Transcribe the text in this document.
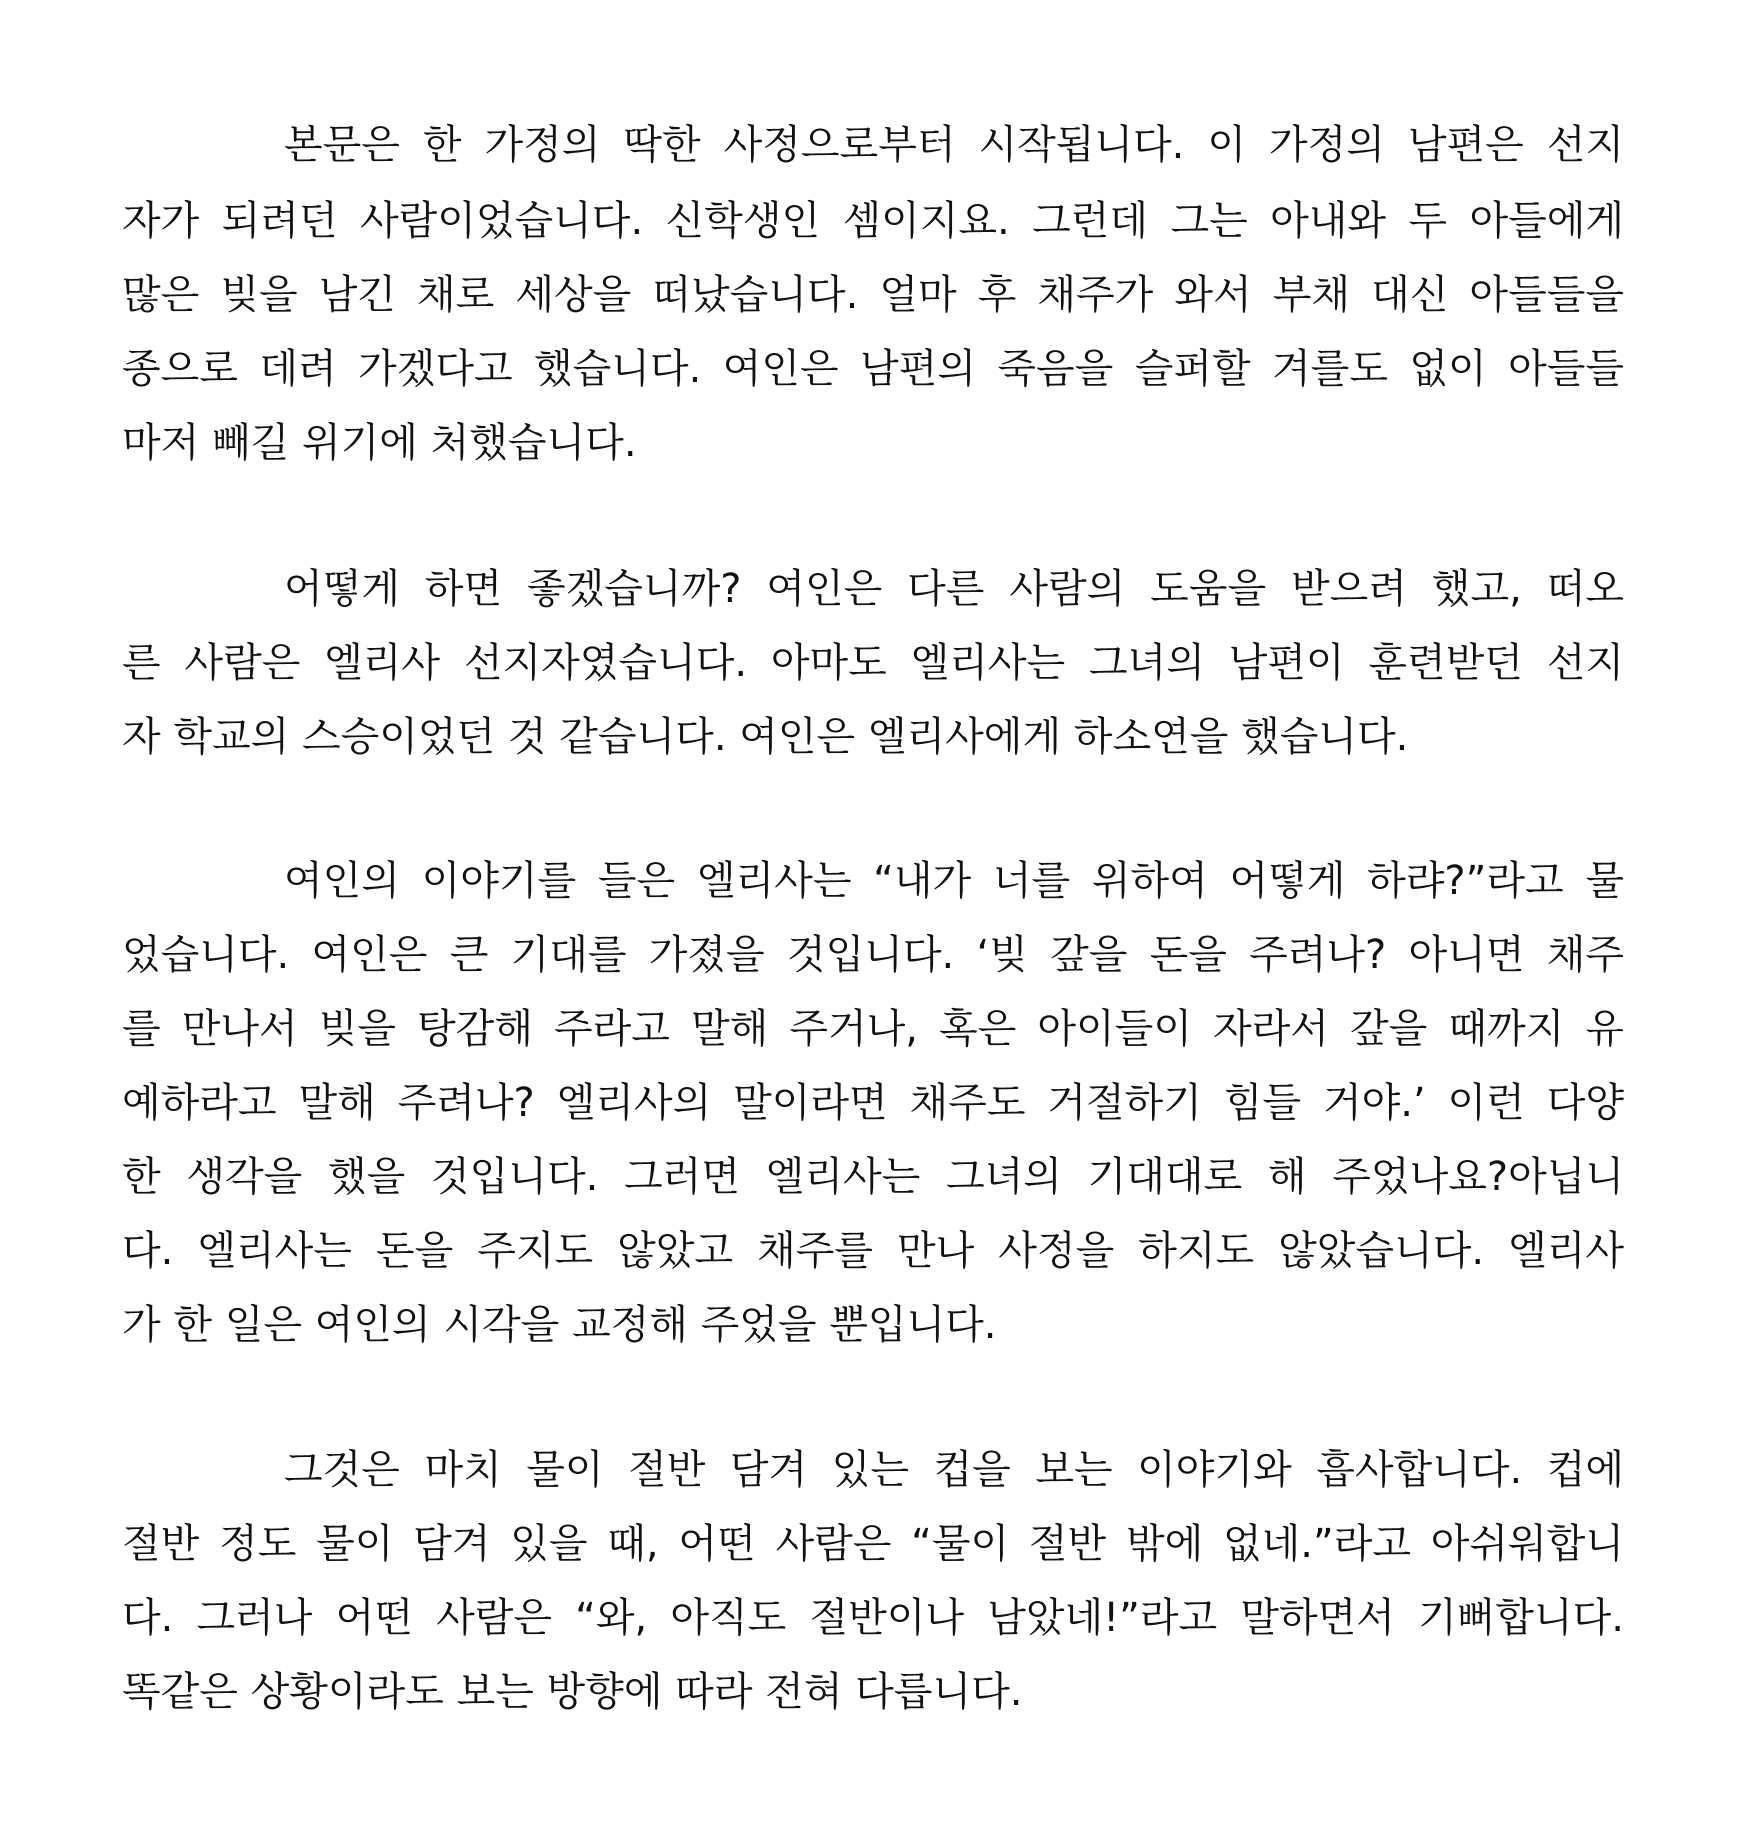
본문은 한 가정의 딱한 사정으로부터 시작됩니다. 이 가정의 남편은 선지
자가 되려던 사람이었습니다. 신학생인 셈이지요. 그런데 그는 아내와 두 아들에게
많은 빚을 남긴 채로 세상을 떠났습니다. 얼마 후 채주가 와서 부채 대신 아들들을
종으로 데려 가겠다고 했습니다. 여인은 남편의 죽음을 슬퍼할 겨를도 없이 아들들
마저 빼길 위기에 처했습니다.
어떻게 하면 좋겠습니까? 여인은 다른 사람의 도움을 받으려 했고, 떠오
른 사람은 엘리사 선지자였습니다. 아마도 엘리사는 그녀의 남편이 훈련받던 선지
자 학교의 스승이었던 것 같습니다. 여인은 엘리사에게 하소연을 했습니다.
여인의 이야기를 들은 엘리사는 “내가 너를 위하여 어떻게 하랴?”라고 물
었습니다. 여인은 큰 기대를 가졌을 것입니다. ‘빚 갚을 돈을 주려나? 아니면 채주
를 만나서 빚을 탕감해 주라고 말해 주거나, 혹은 아이들이 자라서 갚을 때까지 유
예하라고 말해 주려나? 엘리사의 말이라면 채주도 거절하기 힘들 거야.’ 이런 다양
한 생각을 했을 것입니다. 그러면 엘리사는 그녀의 기대대로 해 주었나요?아닙니
다. 엘리사는 돈을 주지도 않았고 채주를 만나 사정을 하지도 않았습니다. 엘리사
가 한 일은 여인의 시각을 교정해 주었을 뿐입니다.
그것은 마치 물이 절반 담겨 있는 컵을 보는 이야기와 흡사합니다. 컵에
절반 정도 물이 담겨 있을 때, 어떤 사람은 “물이 절반 밖에 없네.”라고 아쉬워합니
다. 그러나 어떤 사람은 “와, 아직도 절반이나 남았네!”라고 말하면서 기뻐합니다.
똑같은 상황이라도 보는 방향에 따라 전혀 다릅니다.
